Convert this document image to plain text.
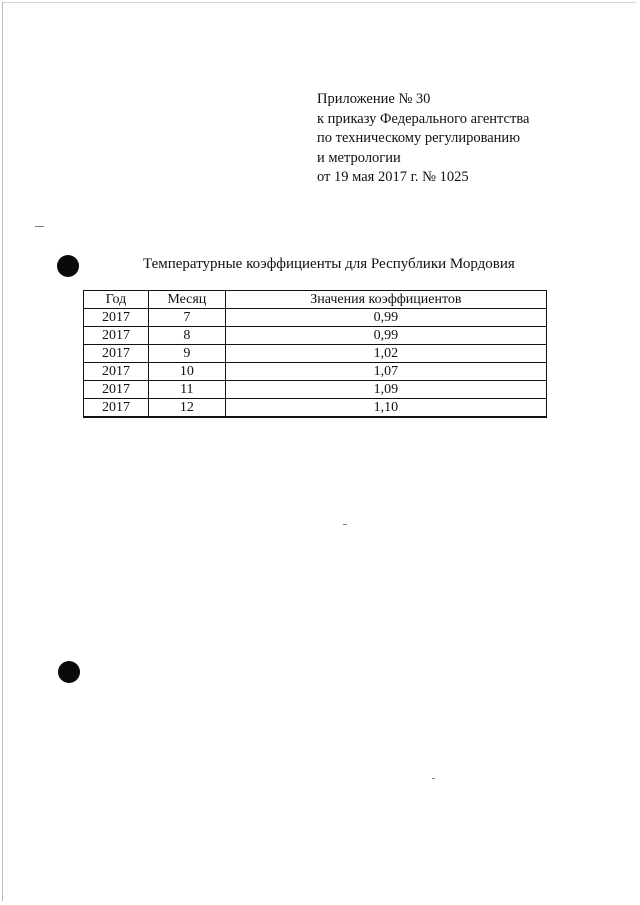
Приложение № 30
к приказу Федерального агентства
по техническому регулированию
и метрологии
от 19 мая 2017 г. № 1025
Температурные коэффициенты для Республики Мордовия
Год	Месяц	Значения коэффициентов
2017	7	0,99
2017	8	0,99
2017	9	1,02
2017	10	1,07
2017	11	1,09
2017	12	1,10
